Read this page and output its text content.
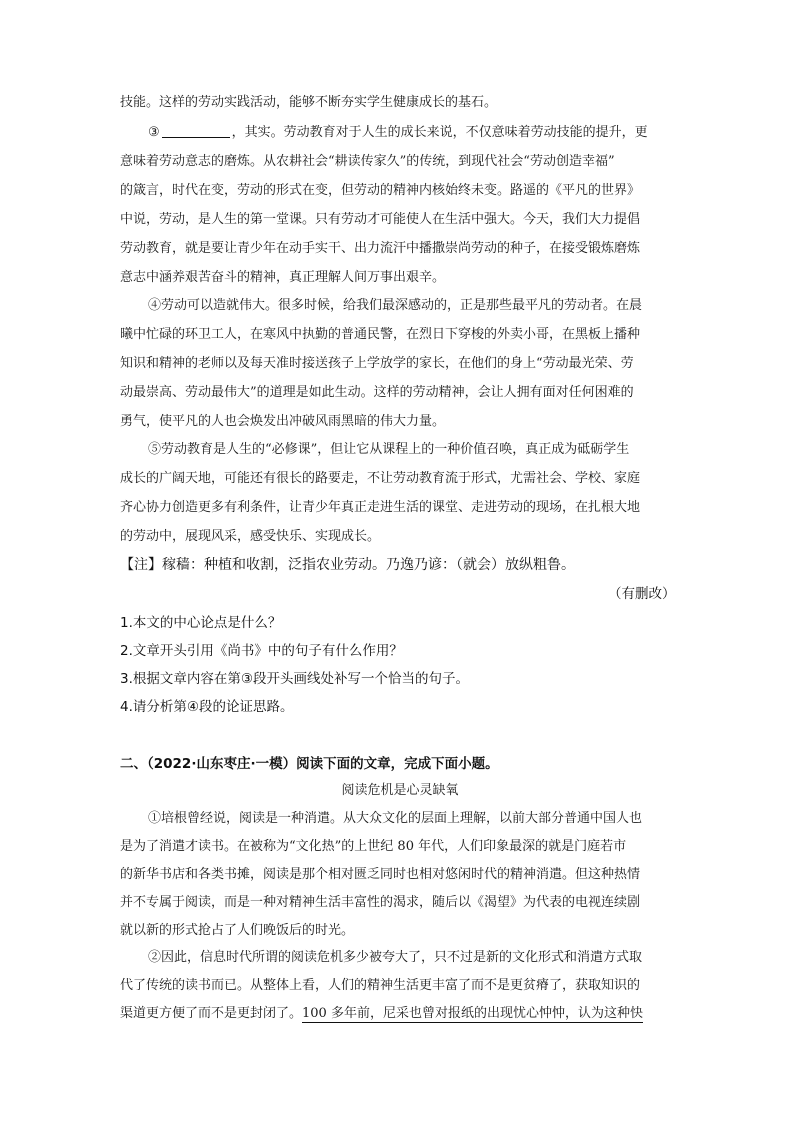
技能。这样的劳动实践活动，能够不断夯实学生健康成长的基石。
③	，其实。劳动教育对于人生的成长来说，不仅意味着劳动技能的提升，更
意味着劳动意志的磨炼。从农耕社会“耕读传家久”的传统，到现代社会“劳动创造幸福”
的箴言，时代在变，劳动的形式在变，但劳动的精神内核始终未变。路遥的《平凡的世界》
中说，劳动，是人生的第一堂课。只有劳动才可能使人在生活中强大。今天，我们大力提倡
劳动教育，就是要让青少年在动手实干、出力流汗中播撒崇尚劳动的种子，在接受锻炼磨炼
意志中涵养艰苦奋斗的精神，真正理解人间万事出艰辛。
④劳动可以造就伟大。很多时候，给我们最深感动的，正是那些最平凡的劳动者。在晨
曦中忙碌的环卫工人，在寒风中执勤的普通民警，在烈日下穿梭的外卖小哥，在黑板上播种
知识和精神的老师以及每天准时接送孩子上学放学的家长，在他们的身上“劳动最光荣、劳
动最崇高、劳动最伟大”的道理是如此生动。这样的劳动精神，会让人拥有面对任何困难的
勇气，使平凡的人也会焕发出冲破风雨黑暗的伟大力量。
⑤劳动教育是人生的“必修课”，但让它从课程上的一种价值召唤，真正成为砥砺学生
成长的广阔天地，可能还有很长的路要走，不让劳动教育流于形式，尤需社会、学校、家庭
齐心协力创造更多有利条件，让青少年真正走进生活的课堂、走进劳动的现场，在扎根大地
的劳动中，展现风采，感受快乐、实现成长。
【注】稼穑：种植和收割，泛指农业劳动。乃逸乃谚：（就会）放纵粗鲁。
（有删改）
1.本文的中心论点是什么？
2.文章开头引用《尚书》中的句子有什么作用？
3.根据文章内容在第③段开头画线处补写一个恰当的句子。
4.请分析第④段的论证思路。
二、（2022·山东枣庄·一模）阅读下面的文章，完成下面小题。
阅读危机是心灵缺氧
①培根曾经说，阅读是一种消遣。从大众文化的层面上理解，以前大部分普通中国人也
是为了消遣才读书。在被称为“文化热”的上世纪 80 年代，人们印象最深的就是门庭若市
的新华书店和各类书摊，阅读是那个相对匮乏同时也相对悠闲时代的精神消遣。但这种热情
并不专属于阅读，而是一种对精神生活丰富性的渴求，随后以《渴望》为代表的电视连续剧
就以新的形式抢占了人们晚饭后的时光。
②因此，信息时代所谓的阅读危机多少被夸大了，只不过是新的文化形式和消遣方式取
代了传统的读书而已。从整体上看，人们的精神生活更丰富了而不是更贫瘠了，获取知识的
渠道更方便了而不是更封闭了。100 多年前，尼采也曾对报纸的出现忧心忡忡，认为这种快
